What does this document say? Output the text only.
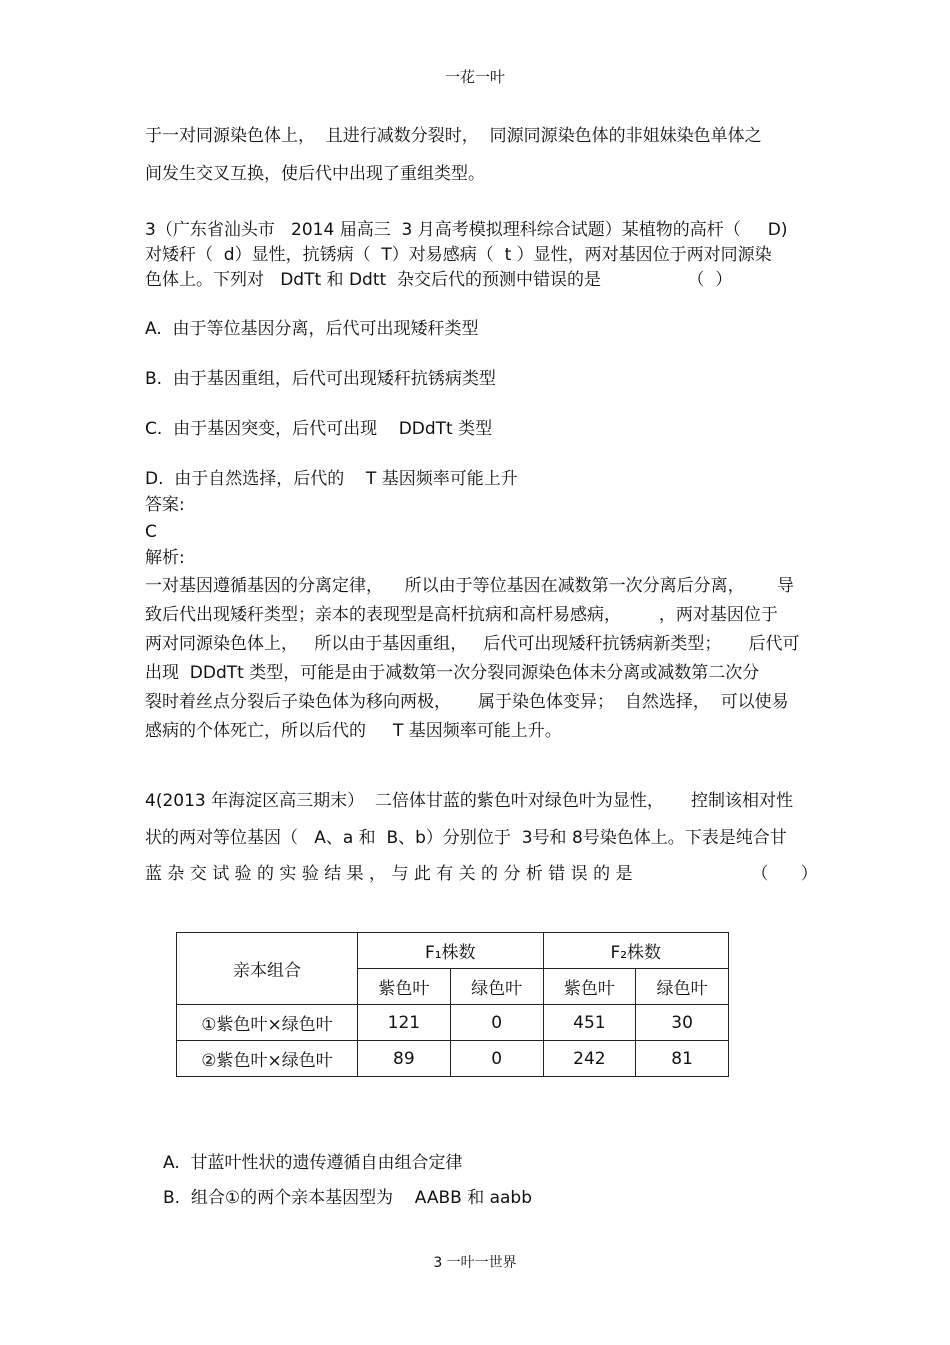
一花一叶
于一对同源染色体上，  且进行减数分裂时，  同源同源染色体的非姐妹染色单体之
间发生交叉互换，使后代中出现了重组类型。
3（广东省汕头市   2014 届高三  3 月高考模拟理科综合试题）某植物的高杆（     D)
对矮秆（  d）显性，抗锈病（  T）对易感病（  t ）显性，两对基因位于两对同源染
色体上。下列对   DdTt 和 Ddtt  杂交后代的预测中错误的是                （  ）
A.  由于等位基因分离，后代可出现矮秆类型
B.  由于基因重组，后代可出现矮秆抗锈病类型
C.  由于基因突变，后代可出现    DDdTt 类型
D.  由于自然选择，后代的    T 基因频率可能上升
答案:
C
解析:
一对基因遵循基因的分离定律，    所以由于等位基因在减数第一次分离后分离，      导
致后代出现矮秆类型；亲本的表现型是高杆抗病和高杆易感病，       ，两对基因位于
两对同源染色体上，   所以由于基因重组，   后代可出现矮秆抗锈病新类型；     后代可
出现  DDdTt 类型，可能是由于减数第一次分裂同源染色体未分离或减数第二次分
裂时着丝点分裂后子染色体为移向两极，     属于染色体变异；  自然选择，  可以使易
感病的个体死亡，所以后代的     T 基因频率可能上升。
4(2013 年海淀区高三期末）  二倍体甘蓝的紫色叶对绿色叶为显性，     控制该相对性
状的两对等位基因（   A、a 和  B、b）分别位于  3号和 8号染色体上。下表是纯合甘
蓝 杂 交 试 验 的 实 验 结 果 ， 与 此 有 关 的 分 析 错 误 的 是                      （      ）
亲本组合	F₁株数		F₂株数	
	紫色叶	绿色叶	紫色叶	绿色叶
①紫色叶×绿色叶	121	0	451	30
②紫色叶×绿色叶	89	0	242	81
A.  甘蓝叶性状的遗传遵循自由组合定律
B.  组合①的两个亲本基因型为    AABB 和 aabb
3 一叶一世界
